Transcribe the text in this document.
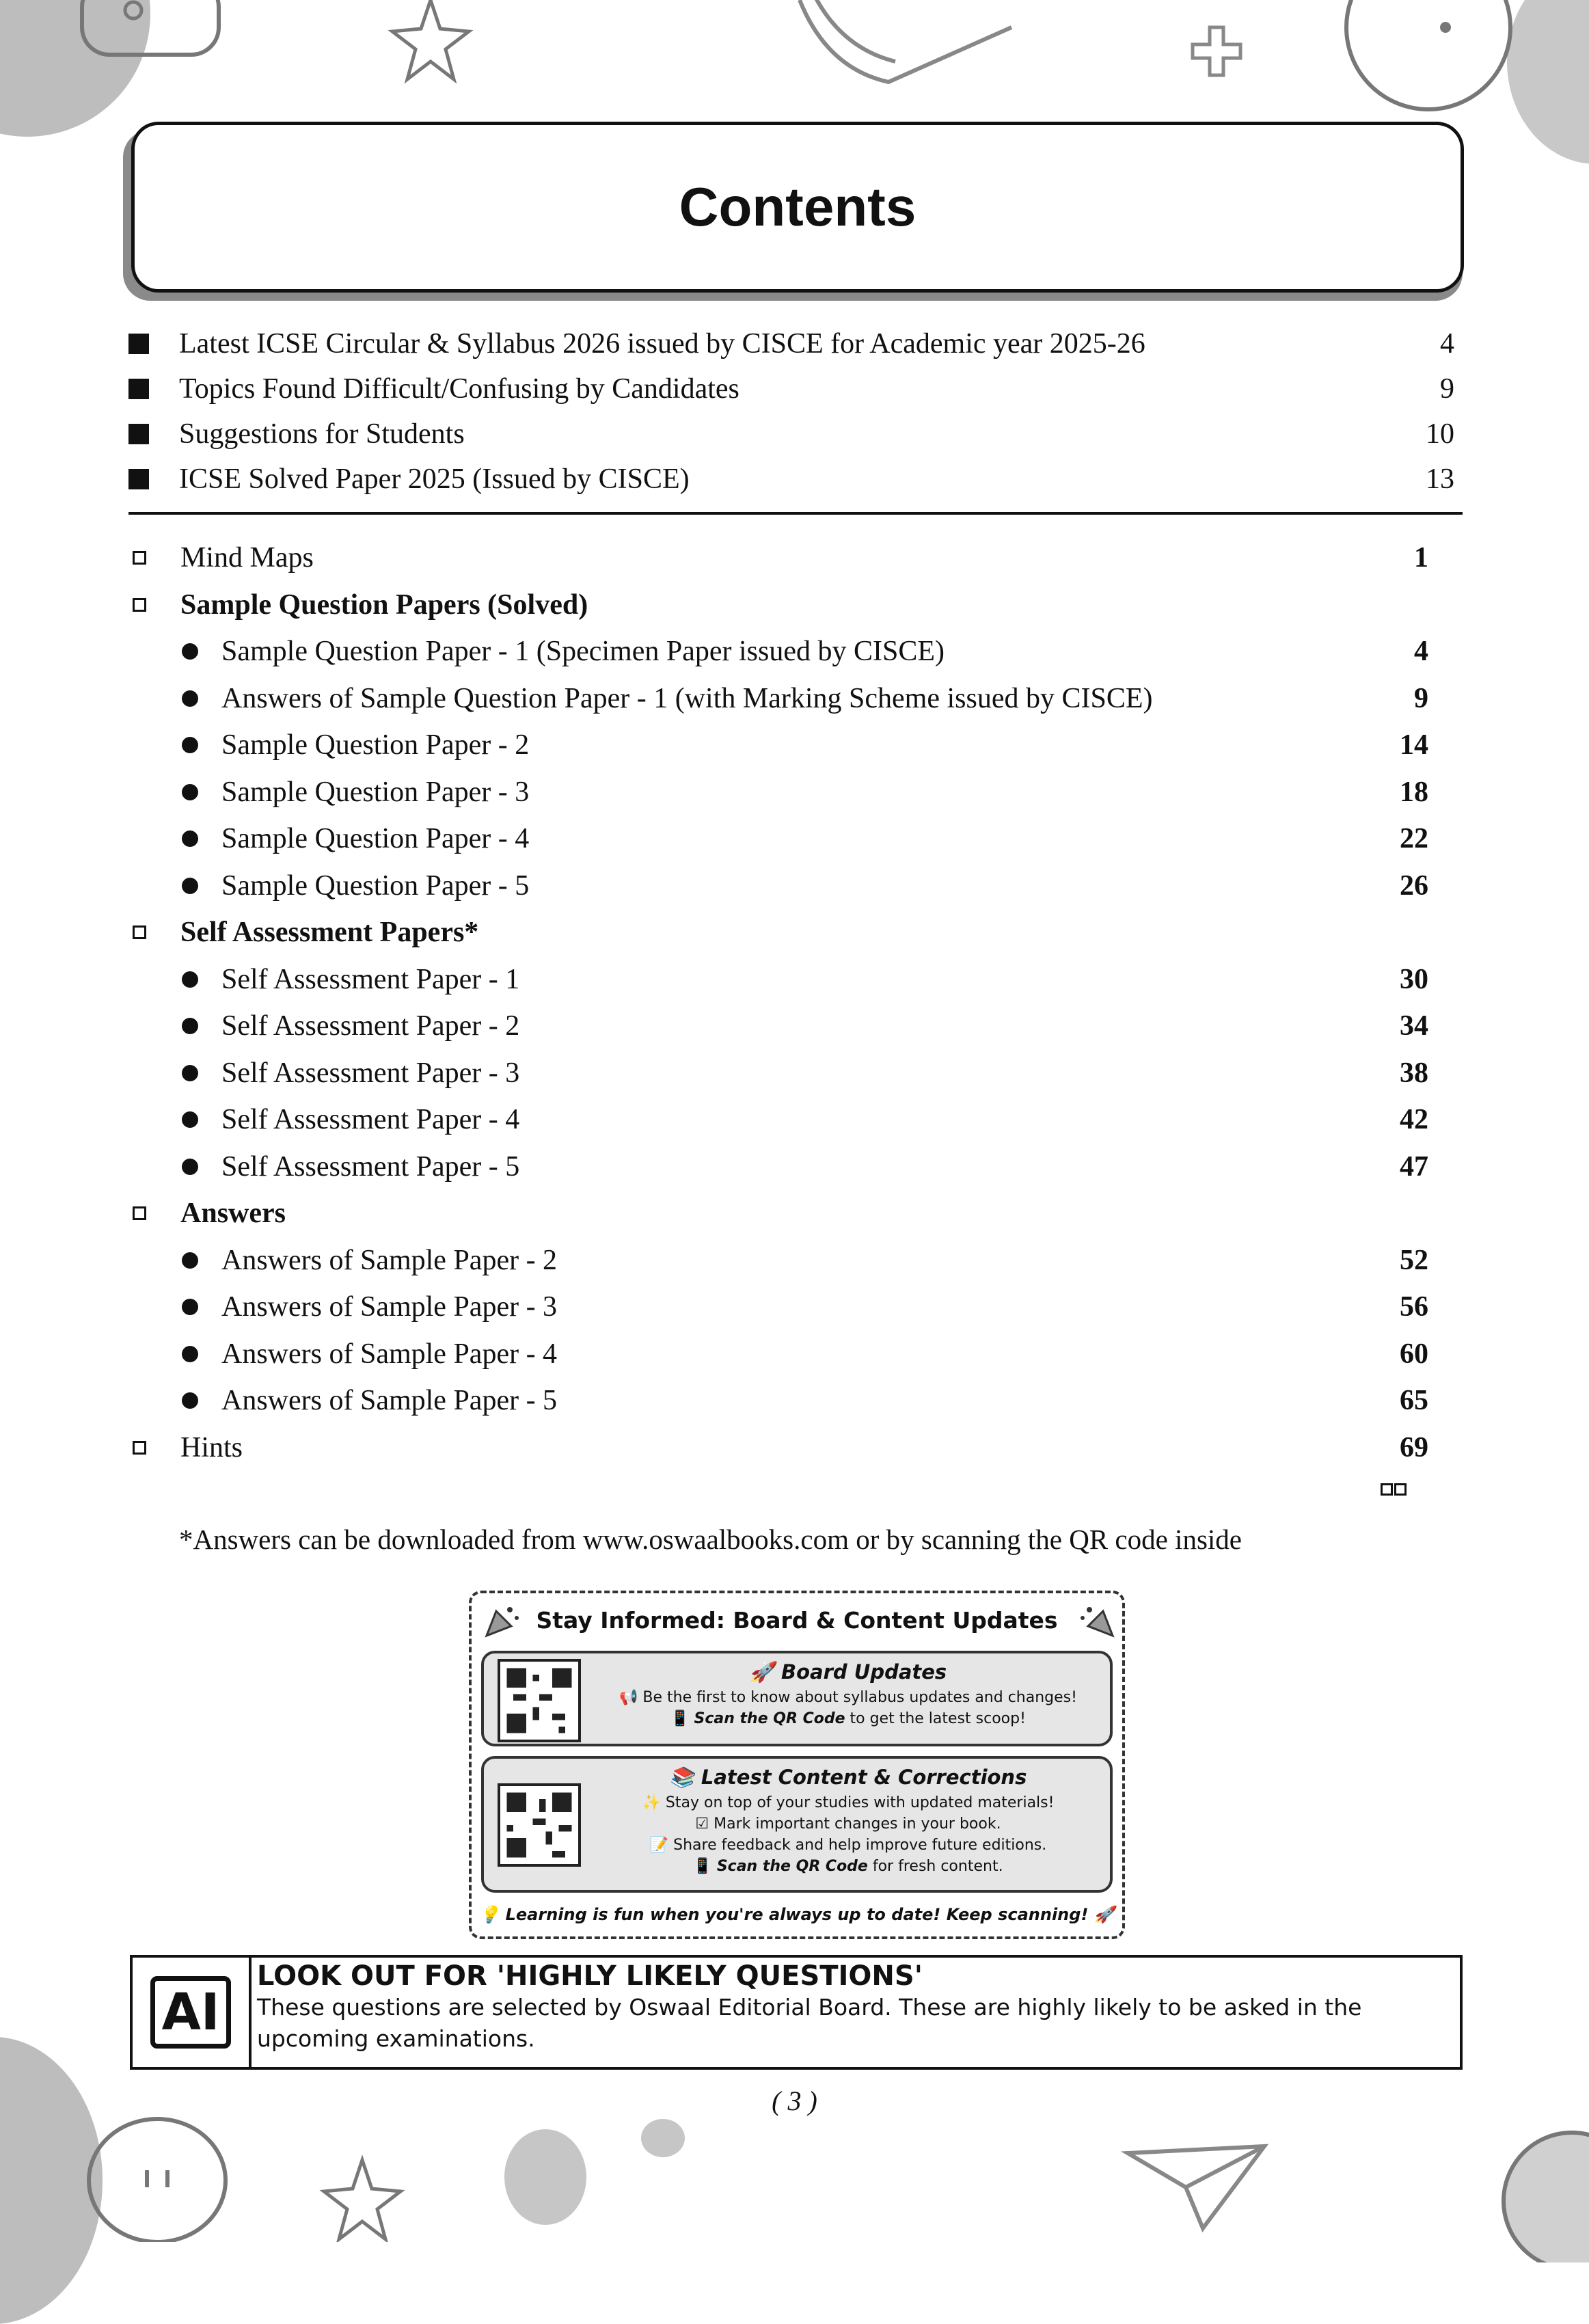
Contents
Latest ICSE Circular & Syllabus 2026 issued by CISCE for Academic year 2025-26	4
Topics Found Difficult/Confusing by Candidates	9
Suggestions for Students	10
ICSE Solved Paper 2025 (Issued by CISCE)	13
Mind Maps	1
Sample Question Papers (Solved)
Sample Question Paper - 1 (Specimen Paper issued by CISCE)	4
Answers of Sample Question Paper - 1 (with Marking Scheme issued by CISCE)	9
Sample Question Paper - 2	14
Sample Question Paper - 3	18
Sample Question Paper - 4	22
Sample Question Paper - 5	26
Self Assessment Papers*
Self Assessment Paper - 1	30
Self Assessment Paper - 2	34
Self Assessment Paper - 3	38
Self Assessment Paper - 4	42
Self Assessment Paper - 5	47
Answers
Answers of Sample Paper - 2	52
Answers of Sample Paper - 3	56
Answers of Sample Paper - 4	60
Answers of Sample Paper - 5	65
Hints	69
*Answers can be downloaded from www.oswaalbooks.com or by scanning the QR code inside
Stay Informed: Board & Content Updates
🚀 Board Updates
📢 Be the first to know about syllabus updates and changes!
📱 Scan the QR Code to get the latest scoop!
📚 Latest Content & Corrections
✨ Stay on top of your studies with updated materials!
☑ Mark important changes in your book.
📝 Share feedback and help improve future editions.
📱 Scan the QR Code for fresh content.
💡 Learning is fun when you're always up to date! Keep scanning! 🚀
AI
LOOK OUT FOR 'HIGHLY LIKELY QUESTIONS'
These questions are selected by Oswaal Editorial Board. These are highly likely to be asked in the upcoming examinations.
( 3 )
